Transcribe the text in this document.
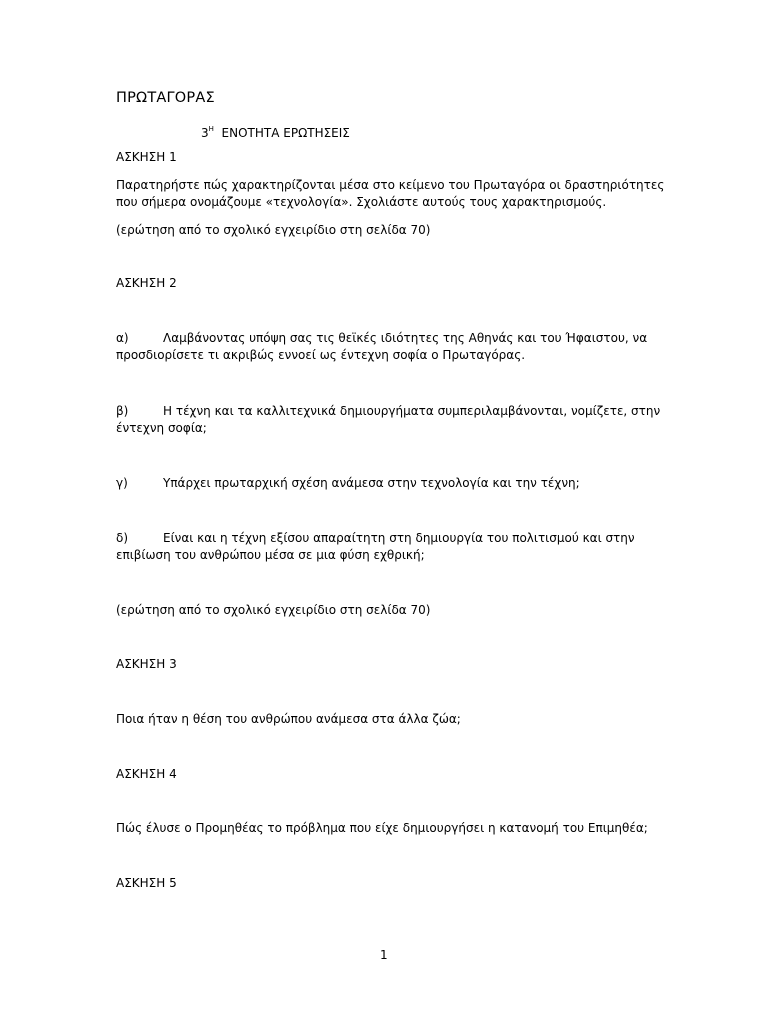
ΠΡΩΤΑΓΟΡΑΣ
$3^H$  ΕΝΟΤΗΤΑ ΕΡΩΤΗΣΕΙΣ
ΑΣΚΗΣΗ 1
Παρατηρήστε πώς χαρακτηρίζονται μέσα στο κείμενο του Πρωταγόρα οι δραστηριότητες
που σήμερα ονομάζουμε «τεχνολογία». Σχολιάστε αυτούς τους χαρακτηρισμούς.
(ερώτηση από το σχολικό εγχειρίδιο στη σελίδα 70)
ΑΣΚΗΣΗ 2
α)	Λαμβάνοντας υπόψη σας τις θεϊκές ιδιότητες της Αθηνάς και του Ήφαιστου, να
προσδιορίσετε τι ακριβώς εννοεί ως έντεχνη σοφία ο Πρωταγόρας.
β)	Η τέχνη και τα καλλιτεχνικά δημιουργήματα συμπεριλαμβάνονται, νομίζετε, στην
έντεχνη σοφία;
γ)	Υπάρχει πρωταρχική σχέση ανάμεσα στην τεχνολογία και την τέχνη;
δ)	Είναι και η τέχνη εξίσου απαραίτητη στη δημιουργία του πολιτισμού και στην
επιβίωση του ανθρώπου μέσα σε μια φύση εχθρική;
(ερώτηση από το σχολικό εγχειρίδιο στη σελίδα 70)
ΑΣΚΗΣΗ 3
Ποια ήταν η θέση του ανθρώπου ανάμεσα στα άλλα ζώα;
ΑΣΚΗΣΗ 4
Πώς έλυσε ο Προμηθέας το πρόβλημα που είχε δημιουργήσει η κατανομή του Επιμηθέα;
ΑΣΚΗΣΗ 5
1
